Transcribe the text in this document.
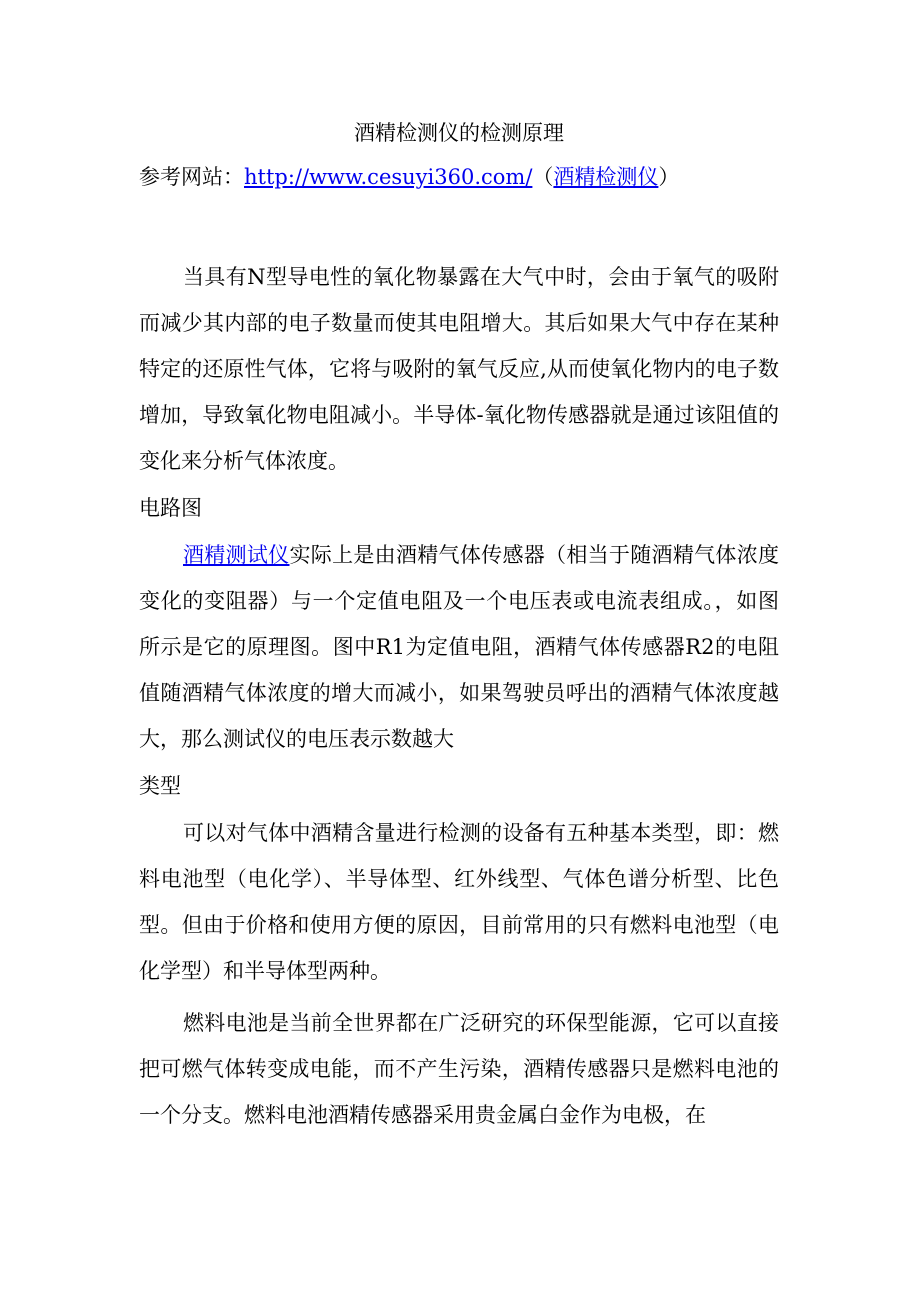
酒精检测仪的检测原理

参考网站：http://www.cesuyi360.com/（酒精检测仪）

当具有N型导电性的氧化物暴露在大气中时，会由于氧气的吸附而减少其内部的电子数量而使其电阻增大。其后如果大气中存在某种特定的还原性气体，它将与吸附的氧气反应,从而使氧化物内的电子数增加，导致氧化物电阻减小。半导体-氧化物传感器就是通过该阻值的变化来分析气体浓度。

电路图

酒精测试仪实际上是由酒精气体传感器（相当于随酒精气体浓度变化的变阻器）与一个定值电阻及一个电压表或电流表组成。，如图所示是它的原理图。图中R1为定值电阻，酒精气体传感器R2的电阻值随酒精气体浓度的增大而减小，如果驾驶员呼出的酒精气体浓度越大，那么测试仪的电压表示数越大

类型

可以对气体中酒精含量进行检测的设备有五种基本类型，即：燃料电池型（电化学）、半导体型、红外线型、气体色谱分析型、比色型。但由于价格和使用方便的原因，目前常用的只有燃料电池型（电化学型）和半导体型两种。

燃料电池是当前全世界都在广泛研究的环保型能源，它可以直接把可燃气体转变成电能，而不产生污染，酒精传感器只是燃料电池的一个分支。燃料电池酒精传感器采用贵金属白金作为电极，在
